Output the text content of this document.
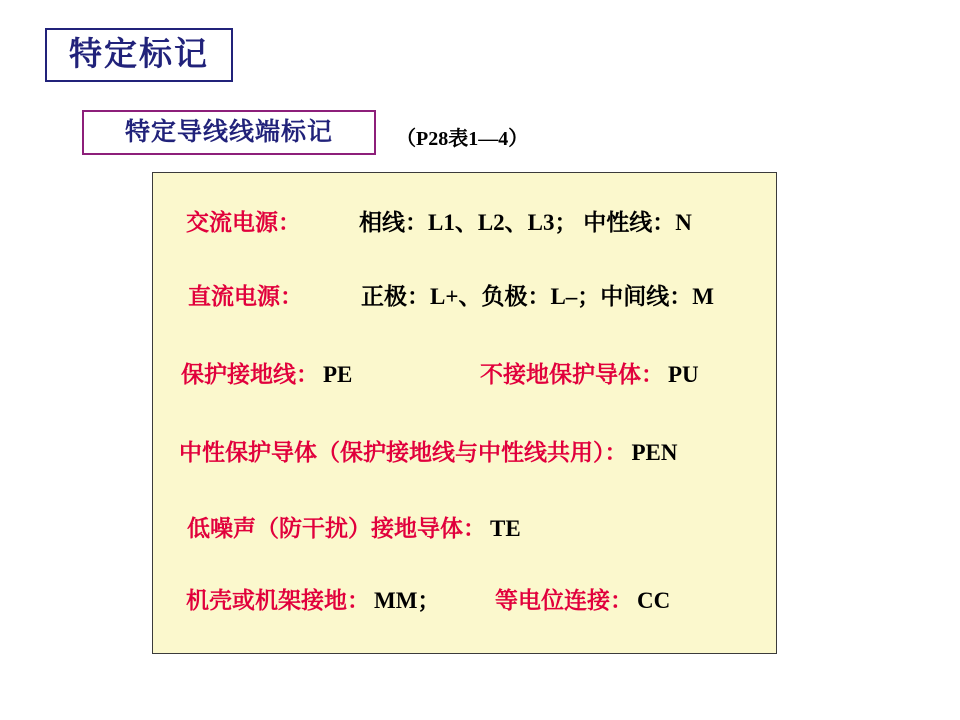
特定标记
特定导线线端标记	（P28表1—4）
交流电源：	相线：L1、L2、L3； 中性线：N
直流电源：	正极：L+、负极：L–；中间线：M
保护接地线： PE	不接地保护导体： PU
中性保护导体（保护接地线与中性线共用）： PEN
低噪声（防干扰）接地导体： TE
机壳或机架接地： MM； 等电位连接： CC
